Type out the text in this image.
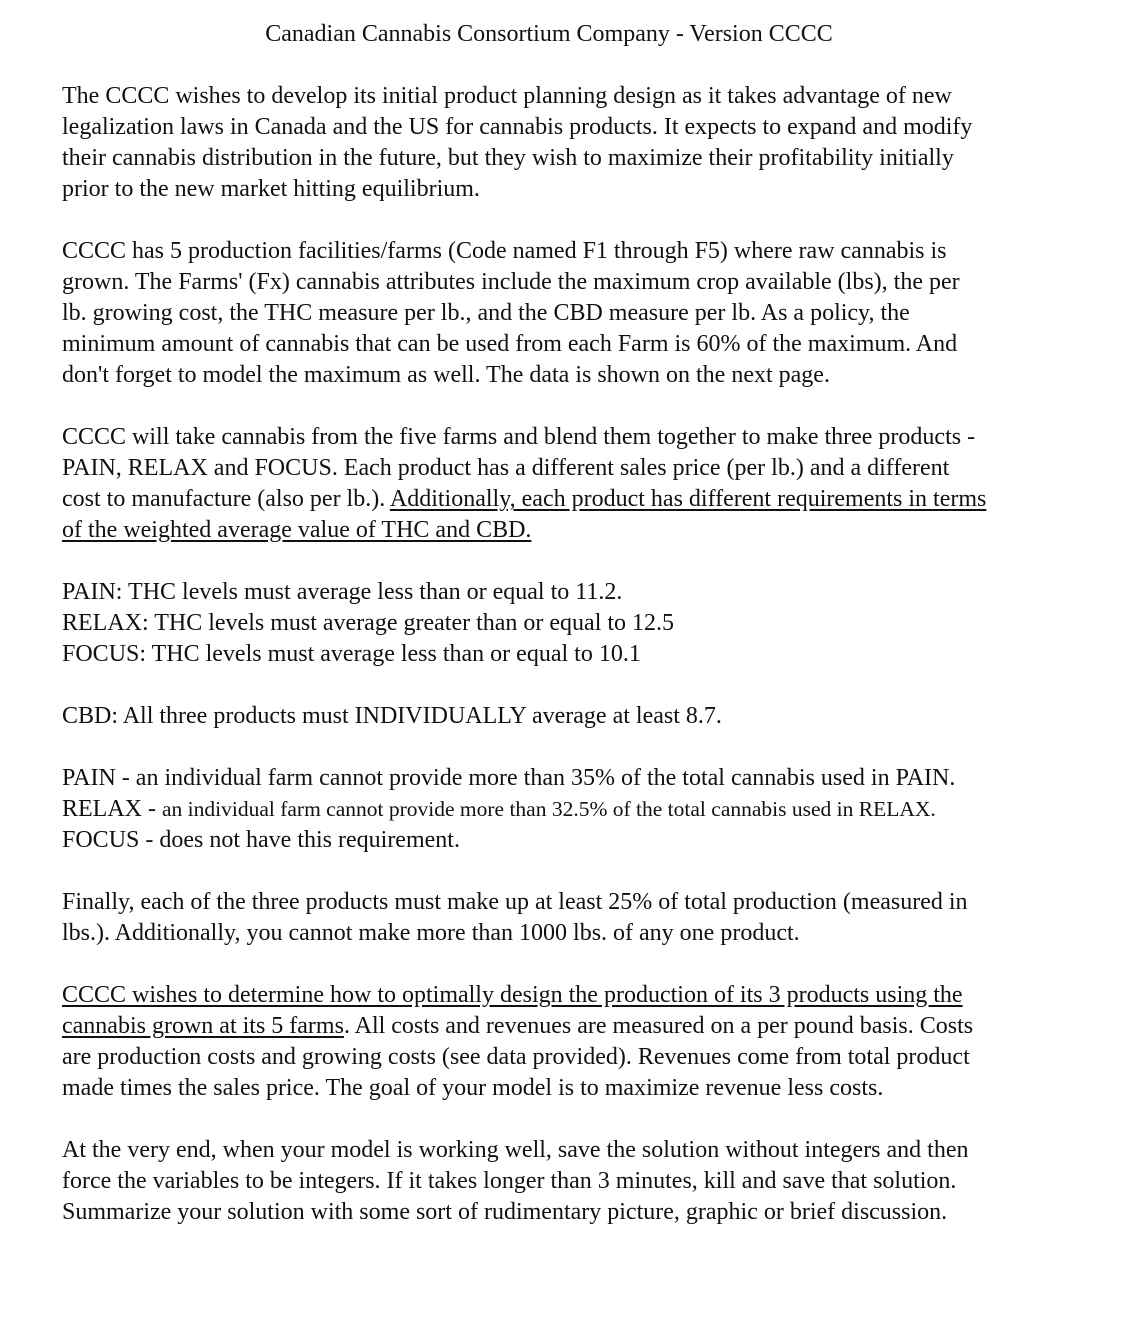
Canadian Cannabis Consortium Company - Version CCCC
The CCCC wishes to develop its initial product planning design as it takes advantage of new
legalization laws in Canada and the US for cannabis products. It expects to expand and modify
their cannabis distribution in the future, but they wish to maximize their profitability initially
prior to the new market hitting equilibrium.
CCCC has 5 production facilities/farms (Code named F1 through F5) where raw cannabis is
grown. The Farms' (Fx) cannabis attributes include the maximum crop available (lbs), the per
lb. growing cost, the THC measure per lb., and the CBD measure per lb. As a policy, the
minimum amount of cannabis that can be used from each Farm is 60% of the maximum. And
don't forget to model the maximum as well. The data is shown on the next page.
CCCC will take cannabis from the five farms and blend them together to make three products -
PAIN, RELAX and FOCUS. Each product has a different sales price (per lb.) and a different
cost to manufacture (also per lb.). Additionally, each product has different requirements in terms
of the weighted average value of THC and CBD.
PAIN: THC levels must average less than or equal to 11.2.
RELAX: THC levels must average greater than or equal to 12.5
FOCUS: THC levels must average less than or equal to 10.1
CBD: All three products must INDIVIDUALLY average at least 8.7.
PAIN - an individual farm cannot provide more than 35% of the total cannabis used in PAIN.
RELAX - an individual farm cannot provide more than 32.5% of the total cannabis used in RELAX.
FOCUS - does not have this requirement.
Finally, each of the three products must make up at least 25% of total production (measured in
lbs.). Additionally, you cannot make more than 1000 lbs. of any one product.
CCCC wishes to determine how to optimally design the production of its 3 products using the
cannabis grown at its 5 farms. All costs and revenues are measured on a per pound basis. Costs
are production costs and growing costs (see data provided). Revenues come from total product
made times the sales price. The goal of your model is to maximize revenue less costs.
At the very end, when your model is working well, save the solution without integers and then
force the variables to be integers. If it takes longer than 3 minutes, kill and save that solution.
Summarize your solution with some sort of rudimentary picture, graphic or brief discussion.
